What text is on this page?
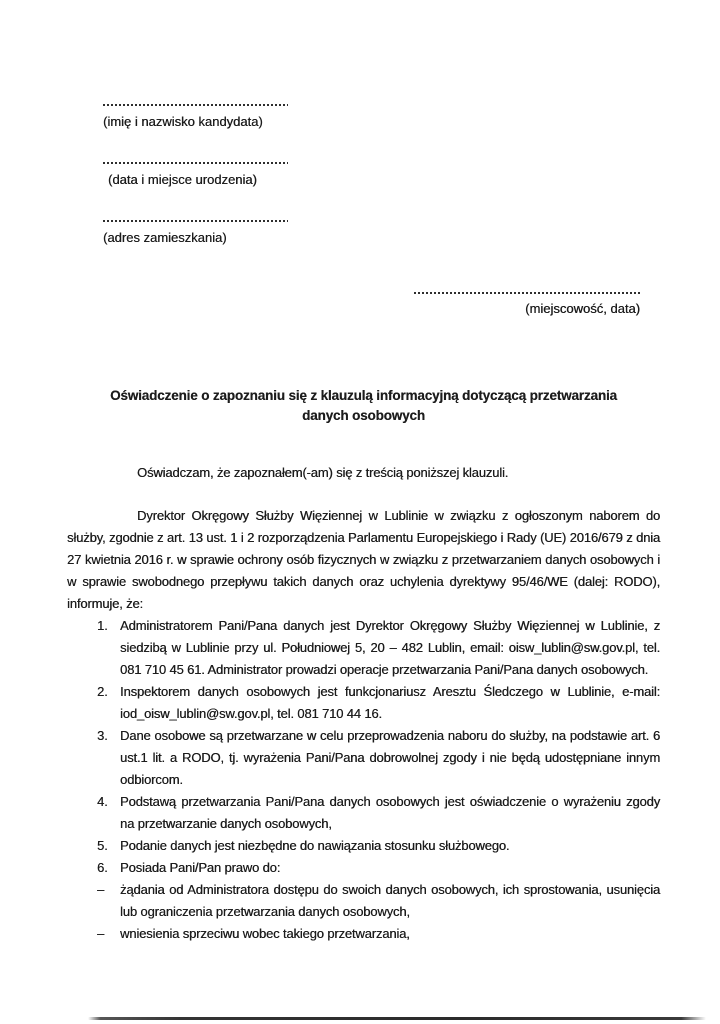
(imię i nazwisko kandydata)
(data i miejsce urodzenia)
(adres zamieszkania)
(miejscowość, data)
Oświadczenie o zapoznaniu się z klauzulą informacyjną dotyczącą przetwarzania
danych osobowych
Oświadczam, że zapoznałem(-am) się z treścią poniższej klauzuli.
Dyrektor Okręgowy Służby Więziennej w Lublinie w związku z ogłoszonym naborem do służby, zgodnie z art. 13 ust. 1 i 2 rozporządzenia Parlamentu Europejskiego i Rady (UE) 2016/679 z dnia 27 kwietnia 2016 r. w sprawie ochrony osób fizycznych w związku z przetwarzaniem danych osobowych i w sprawie swobodnego przepływu takich danych oraz uchylenia dyrektywy 95/46/WE (dalej: RODO), informuje, że:
1. Administratorem Pani/Pana danych jest Dyrektor Okręgowy Służby Więziennej w Lublinie, z siedzibą w Lublinie przy ul. Południowej 5, 20 – 482 Lublin, email: oisw_lublin@sw.gov.pl, tel. 081 710 45 61. Administrator prowadzi operacje przetwarzania Pani/Pana danych osobowych.
2. Inspektorem danych osobowych jest funkcjonariusz Aresztu Śledczego w Lublinie, e-mail: iod_oisw_lublin@sw.gov.pl, tel. 081 710 44 16.
3. Dane osobowe są przetwarzane w celu przeprowadzenia naboru do służby, na podstawie art. 6 ust.1 lit. a RODO, tj. wyrażenia Pani/Pana dobrowolnej zgody i nie będą udostępniane innym odbiorcom.
4. Podstawą przetwarzania Pani/Pana danych osobowych jest oświadczenie o wyrażeniu zgody na przetwarzanie danych osobowych,
5. Podanie danych jest niezbędne do nawiązania stosunku służbowego.
6. Posiada Pani/Pan prawo do:
–	żądania od Administratora dostępu do swoich danych osobowych, ich sprostowania, usunięcia lub ograniczenia przetwarzania danych osobowych,
–	wniesienia sprzeciwu wobec takiego przetwarzania,
